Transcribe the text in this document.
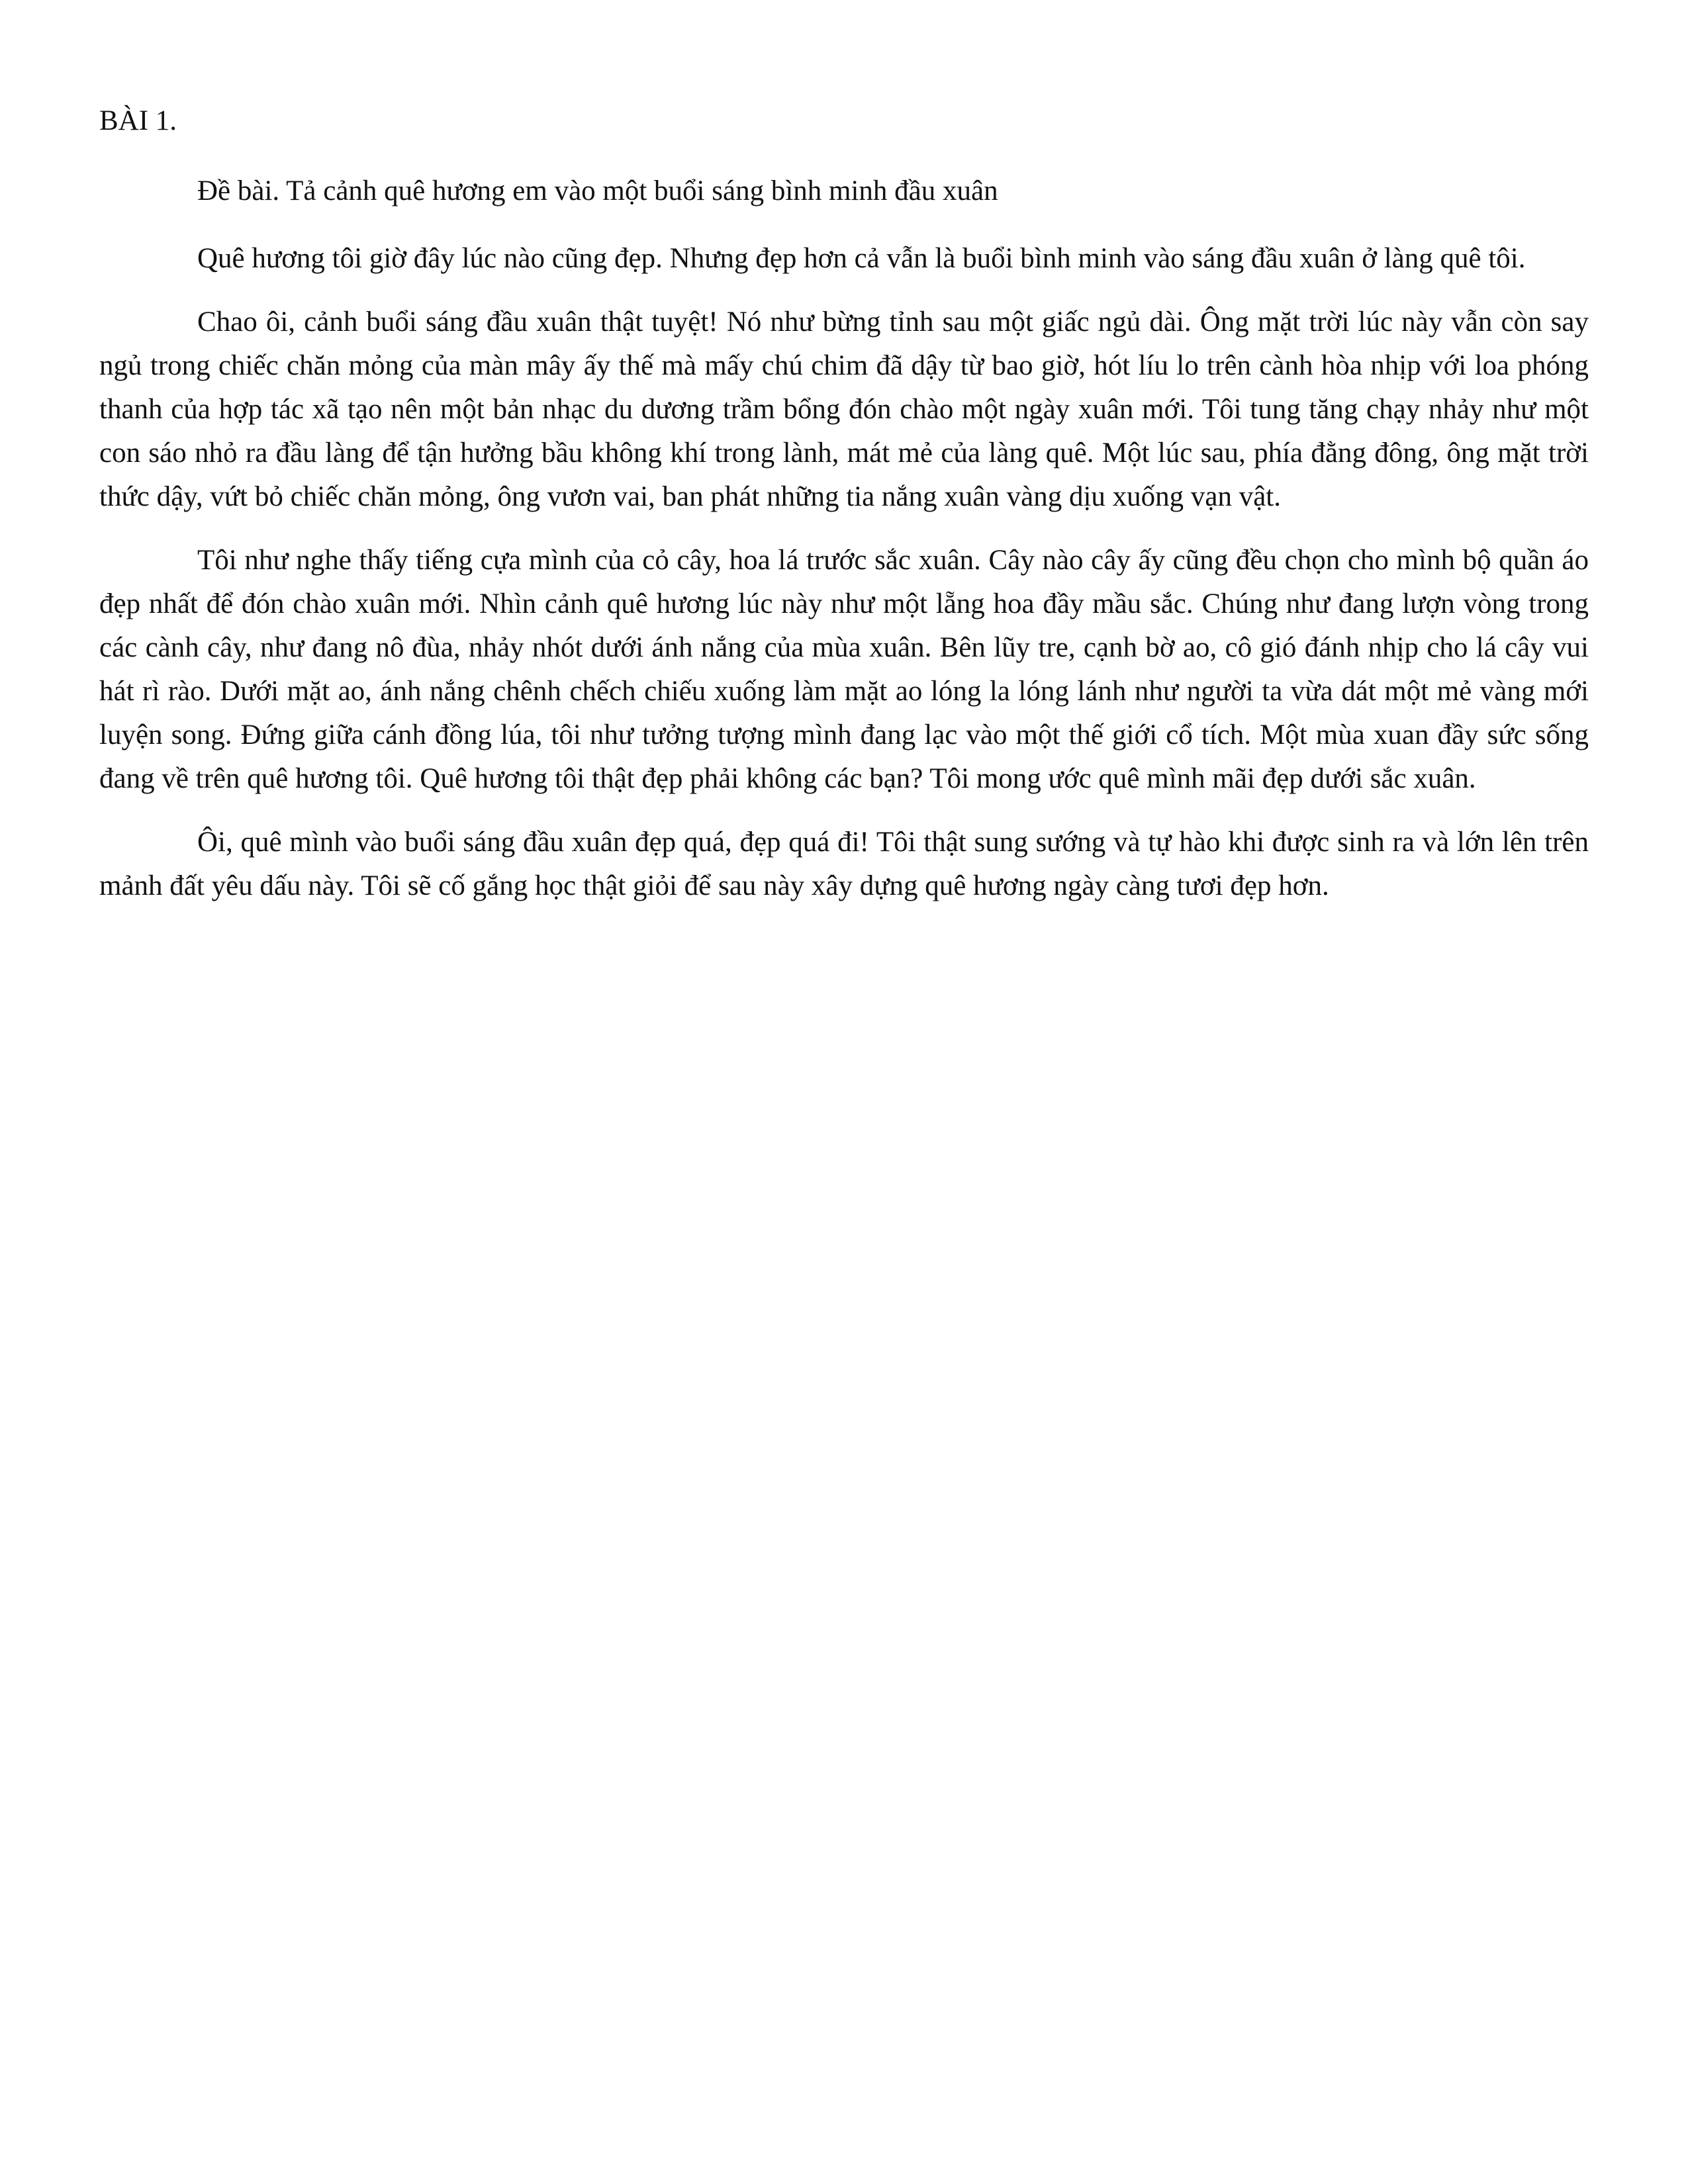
BÀI 1.

Đề bài. Tả cảnh quê hương em vào một buổi sáng bình minh đầu xuân

Quê hương tôi giờ đây lúc nào cũng đẹp. Nhưng đẹp hơn cả vẫn là buổi bình minh vào sáng đầu xuân ở làng quê tôi.

Chao ôi, cảnh buổi sáng đầu xuân thật tuyệt! Nó như bừng tỉnh sau một giấc ngủ dài. Ông mặt trời lúc này vẫn còn say ngủ trong chiếc chăn mỏng của màn mây ấy thế mà mấy chú chim đã dậy từ bao giờ, hót líu lo trên cành hòa nhịp với loa phóng thanh của hợp tác xã tạo nên một bản nhạc du dương trầm bổng đón chào một ngày xuân mới. Tôi tung tăng chạy nhảy như một con sáo nhỏ ra đầu làng để tận hưởng bầu không khí trong lành, mát mẻ của làng quê. Một lúc sau, phía đằng đông, ông mặt trời thức dậy, vứt bỏ chiếc chăn mỏng, ông vươn vai, ban phát những tia nắng xuân vàng dịu xuống vạn vật.

Tôi như nghe thấy tiếng cựa mình của cỏ cây, hoa lá trước sắc xuân. Cây nào cây ấy cũng đều chọn cho mình bộ quần áo đẹp nhất để đón chào xuân mới. Nhìn cảnh quê hương lúc này như một lẵng hoa đầy mầu sắc. Chúng như đang lượn vòng trong các cành cây, như đang nô đùa, nhảy nhót dưới ánh nắng của mùa xuân. Bên lũy tre, cạnh bờ ao, cô gió đánh nhịp cho lá cây vui hát rì rào. Dưới mặt ao, ánh nắng chênh chếch chiếu xuống làm mặt ao lóng la lóng lánh như người ta vừa dát một mẻ vàng mới luyện song. Đứng giữa cánh đồng lúa, tôi như tưởng tượng mình đang lạc vào một thế giới cổ tích. Một mùa xuan đầy sức sống đang về trên quê hương tôi. Quê hương tôi thật đẹp phải không các bạn? Tôi mong ước quê mình mãi đẹp dưới sắc xuân.

Ôi, quê mình vào buổi sáng đầu xuân đẹp quá, đẹp quá đi! Tôi thật sung sướng và tự hào khi được sinh ra và lớn lên trên mảnh đất yêu dấu này. Tôi sẽ cố gắng học thật giỏi để sau này xây dựng quê hương ngày càng tươi đẹp hơn.
